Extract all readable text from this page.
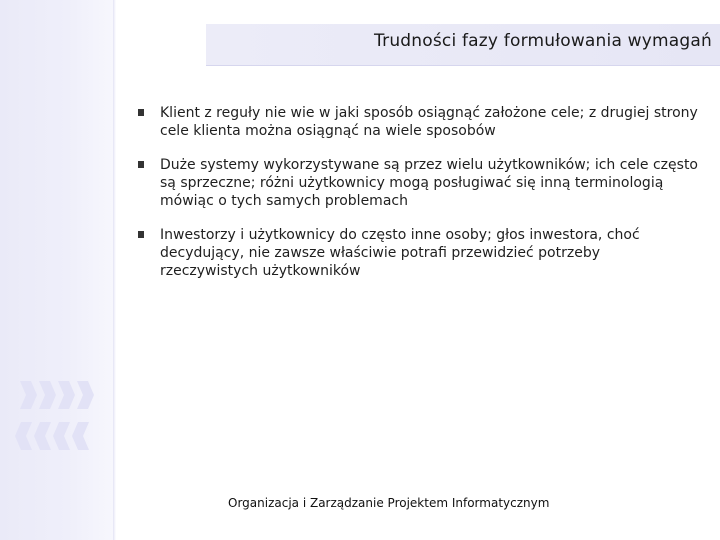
Trudności fazy formułowania wymagań
Klient z reguły nie wie w jaki sposób osiągnąć założone cele; z drugiej strony cele klienta można osiągnąć na wiele sposobów
Duże systemy wykorzystywane są przez wielu użytkowników; ich cele często są sprzeczne; różni użytkownicy mogą posługiwać się inną terminologią mówiąc o tych samych problemach
Inwestorzy i użytkownicy do często inne osoby; głos inwestora, choć decydujący, nie zawsze właściwie potrafi przewidzieć potrzeby rzeczywistych użytkowników
Organizacja i Zarządzanie Projektem Informatycznym
